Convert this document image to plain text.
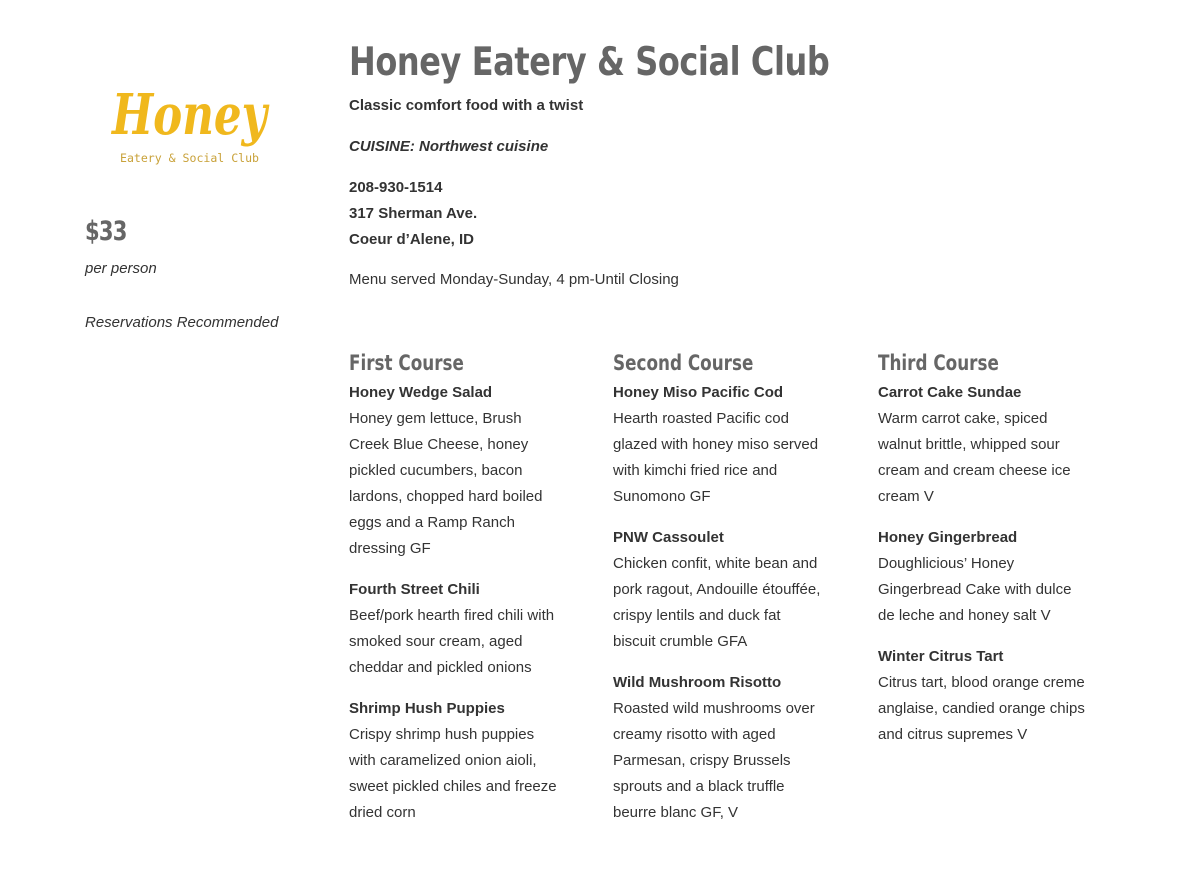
Honey
Eatery & Social Club
$33
per person
Reservations Recommended
Honey Eatery & Social Club
Classic comfort food with a twist
CUISINE: Northwest cuisine
208-930-1514
317 Sherman Ave.
Coeur d’Alene, ID
Menu served Monday-Sunday, 4 pm-Until Closing
First Course
Honey Wedge Salad
Honey gem lettuce, Brush
Creek Blue Cheese, honey
pickled cucumbers, bacon
lardons, chopped hard boiled
eggs and a Ramp Ranch
dressing GF
Fourth Street Chili
Beef/pork hearth fired chili with
smoked sour cream, aged
cheddar and pickled onions
Shrimp Hush Puppies
Crispy shrimp hush puppies
with caramelized onion aioli,
sweet pickled chiles and freeze
dried corn
Second Course
Honey Miso Pacific Cod
Hearth roasted Pacific cod
glazed with honey miso served
with kimchi fried rice and
Sunomono GF
PNW Cassoulet
Chicken confit, white bean and
pork ragout, Andouille étouffée,
crispy lentils and duck fat
biscuit crumble GFA
Wild Mushroom Risotto
Roasted wild mushrooms over
creamy risotto with aged
Parmesan, crispy Brussels
sprouts and a black truffle
beurre blanc GF, V
Third Course
Carrot Cake Sundae
Warm carrot cake, spiced
walnut brittle, whipped sour
cream and cream cheese ice
cream V
Honey Gingerbread
Doughlicious’ Honey
Gingerbread Cake with dulce
de leche and honey salt V
Winter Citrus Tart
Citrus tart, blood orange creme
anglaise, candied orange chips
and citrus supremes V
